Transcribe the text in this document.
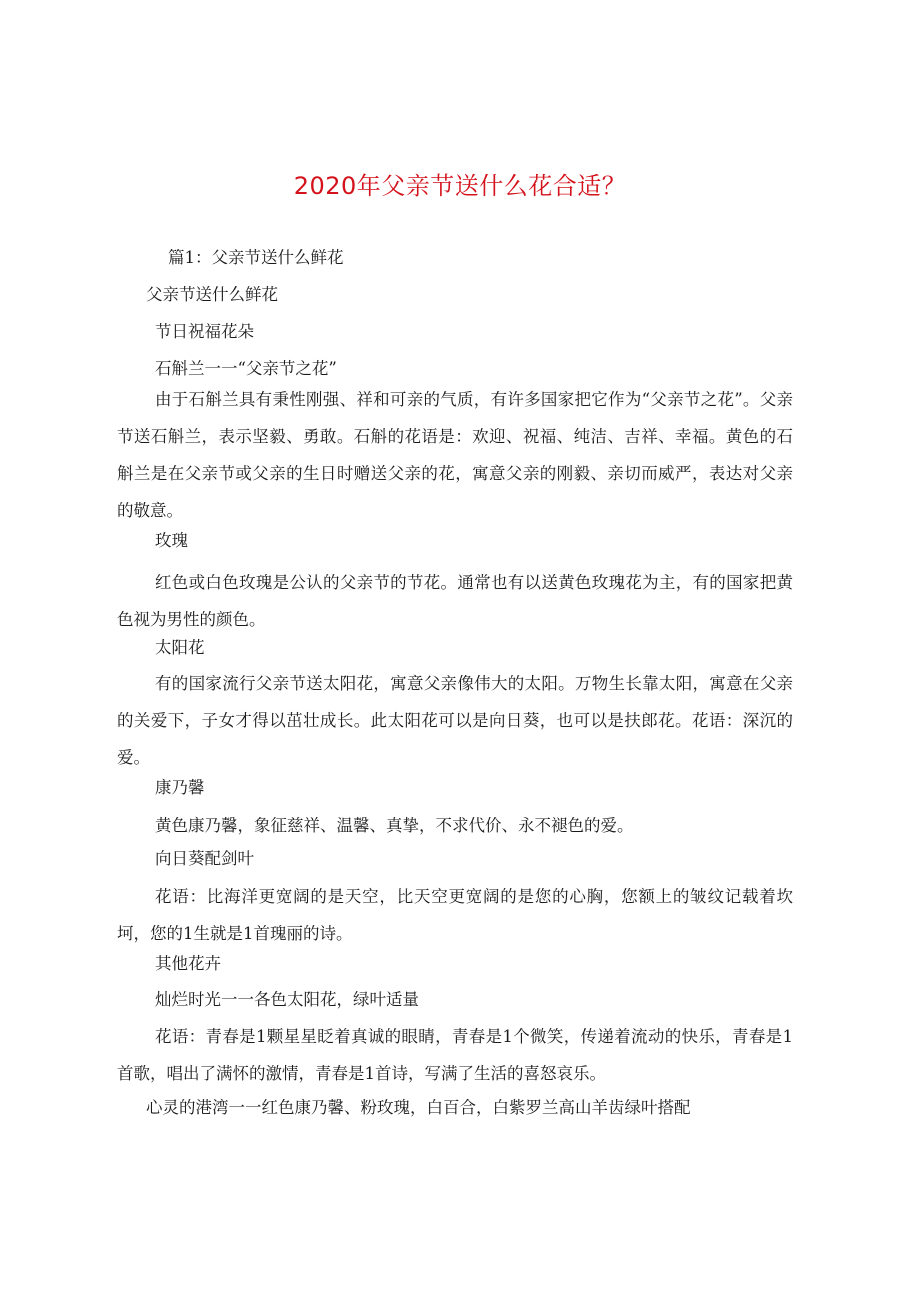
2020年父亲节送什么花合适？
篇1：父亲节送什么鲜花
父亲节送什么鲜花
节日祝福花朵
石斛兰一一“父亲节之花”
由于石斛兰具有秉性刚强、祥和可亲的气质，有许多国家把它作为“父亲节之花”。父亲节送石斛兰，表示坚毅、勇敢。石斛的花语是：欢迎、祝福、纯洁、吉祥、幸福。黄色的石斛兰是在父亲节或父亲的生日时赠送父亲的花，寓意父亲的刚毅、亲切而威严，表达对父亲的敬意。
玫瑰
红色或白色玫瑰是公认的父亲节的节花。通常也有以送黄色玫瑰花为主，有的国家把黄色视为男性的颜色。
太阳花
有的国家流行父亲节送太阳花，寓意父亲像伟大的太阳。万物生长靠太阳，寓意在父亲的关爱下，子女才得以茁壮成长。此太阳花可以是向日葵，也可以是扶郎花。花语：深沉的爱。
康乃馨
黄色康乃馨，象征慈祥、温馨、真挚，不求代价、永不褪色的爱。
向日葵配剑叶
花语：比海洋更宽阔的是天空，比天空更宽阔的是您的心胸，您额上的皱纹记载着坎坷，您的1生就是1首瑰丽的诗。
其他花卉
灿烂时光一一各色太阳花，绿叶适量
花语：青春是1颗星星眨着真诚的眼睛，青春是1个微笑，传递着流动的快乐，青春是1首歌，唱出了满怀的激情，青春是1首诗，写满了生活的喜怒哀乐。
心灵的港湾一一红色康乃馨、粉玫瑰，白百合，白紫罗兰高山羊齿绿叶搭配
